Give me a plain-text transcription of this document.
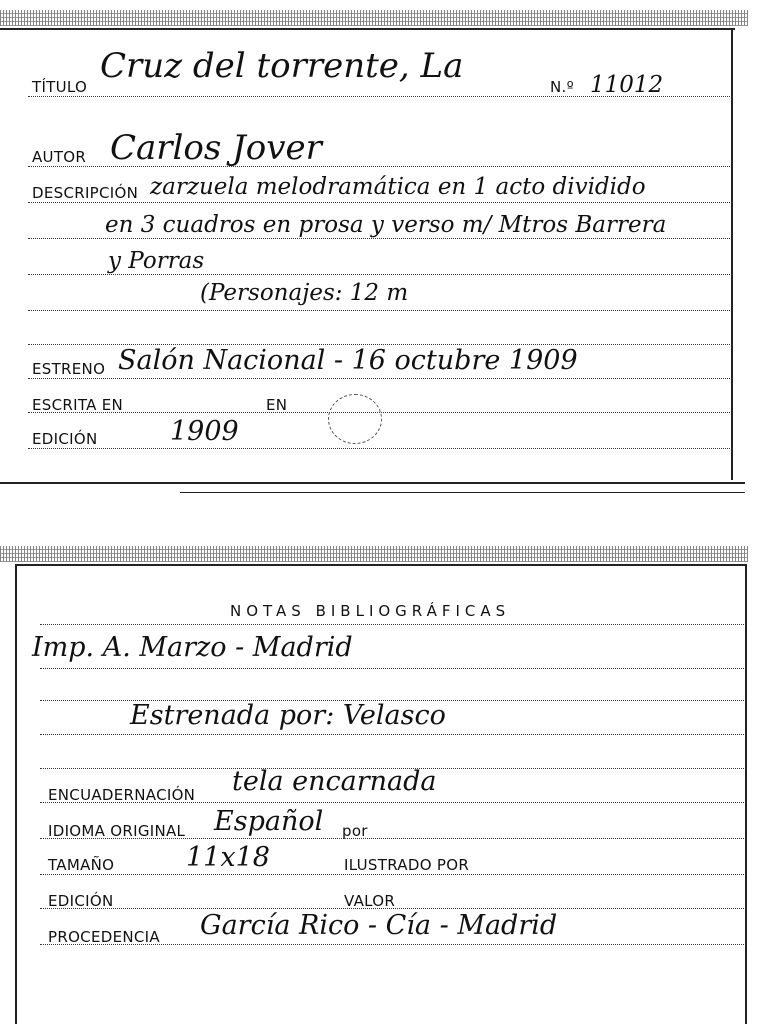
TÍTULO
Cruz del torrente, La
N.º 11012
AUTOR Carlos Jover
DESCRIPCIÓN zarzuela melodramática en 1 acto dividido
en 3 cuadros en prosa y verso m/ Mtros Barrera
y Porras
(Personajes: 12 m
ESTRENO Salón Nacional - 16 octubre 1909
ESCRITA EN	EN
EDICIÓN	1909
NOTAS BIBLIOGRÁFICAS
Imp. A. Marzo - Madrid
Estrenada por: Velasco
ENCUADERNACIÓN tela encarnada
IDIOMA ORIGINAL Español por
TAMAÑO	11x18	ILUSTRADO POR
EDICIÓN	VALOR
PROCEDENCIA García Rico - Cía - Madrid
